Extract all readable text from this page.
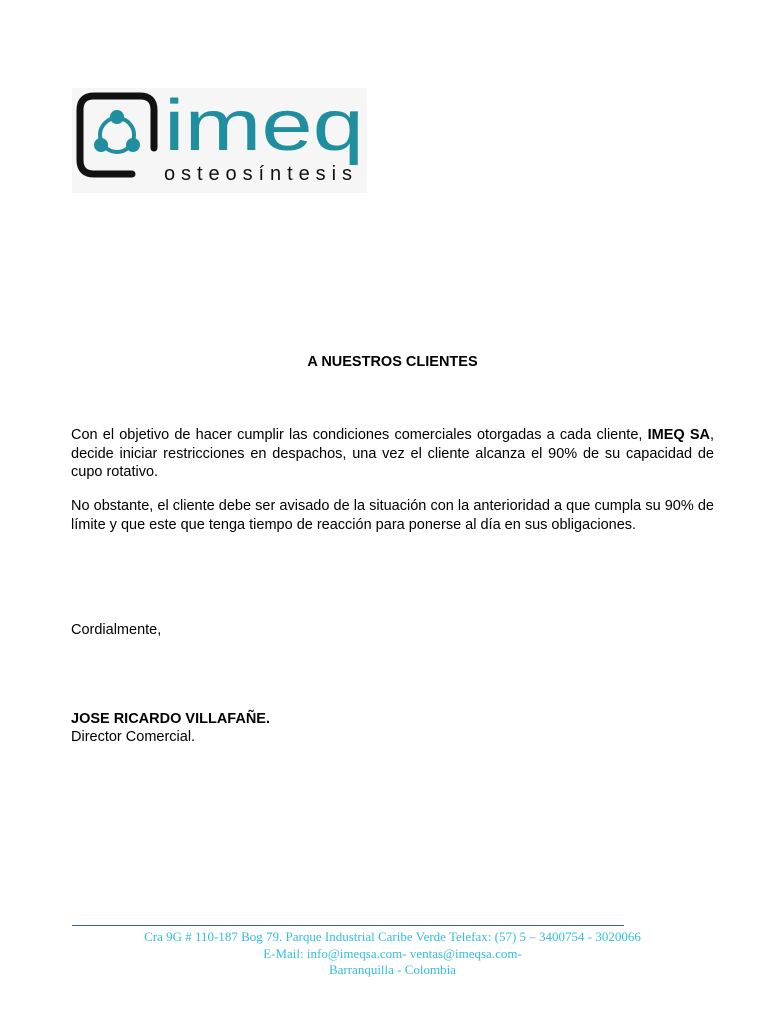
imeq
osteosíntesis
A NUESTROS CLIENTES

Con el objetivo de hacer cumplir las condiciones comerciales otorgadas a cada cliente, IMEQ SA, decide iniciar restricciones en despachos, una vez el cliente alcanza el 90% de su capacidad de cupo rotativo.

No obstante, el cliente debe ser avisado de la situación con la anterioridad a que cumpla su 90% de límite y que este que tenga tiempo de reacción para ponerse al día en sus obligaciones.

Cordialmente,

JOSE RICARDO VILLAFAÑE.

Director Comercial.

Cra 9G # 110-187 Bog 79. Parque Industrial Caribe Verde Telefax: (57) 5 – 3400754 - 3020066
E-Mail: info@imeqsa.com- ventas@imeqsa.com-
Barranquilla - Colombia
